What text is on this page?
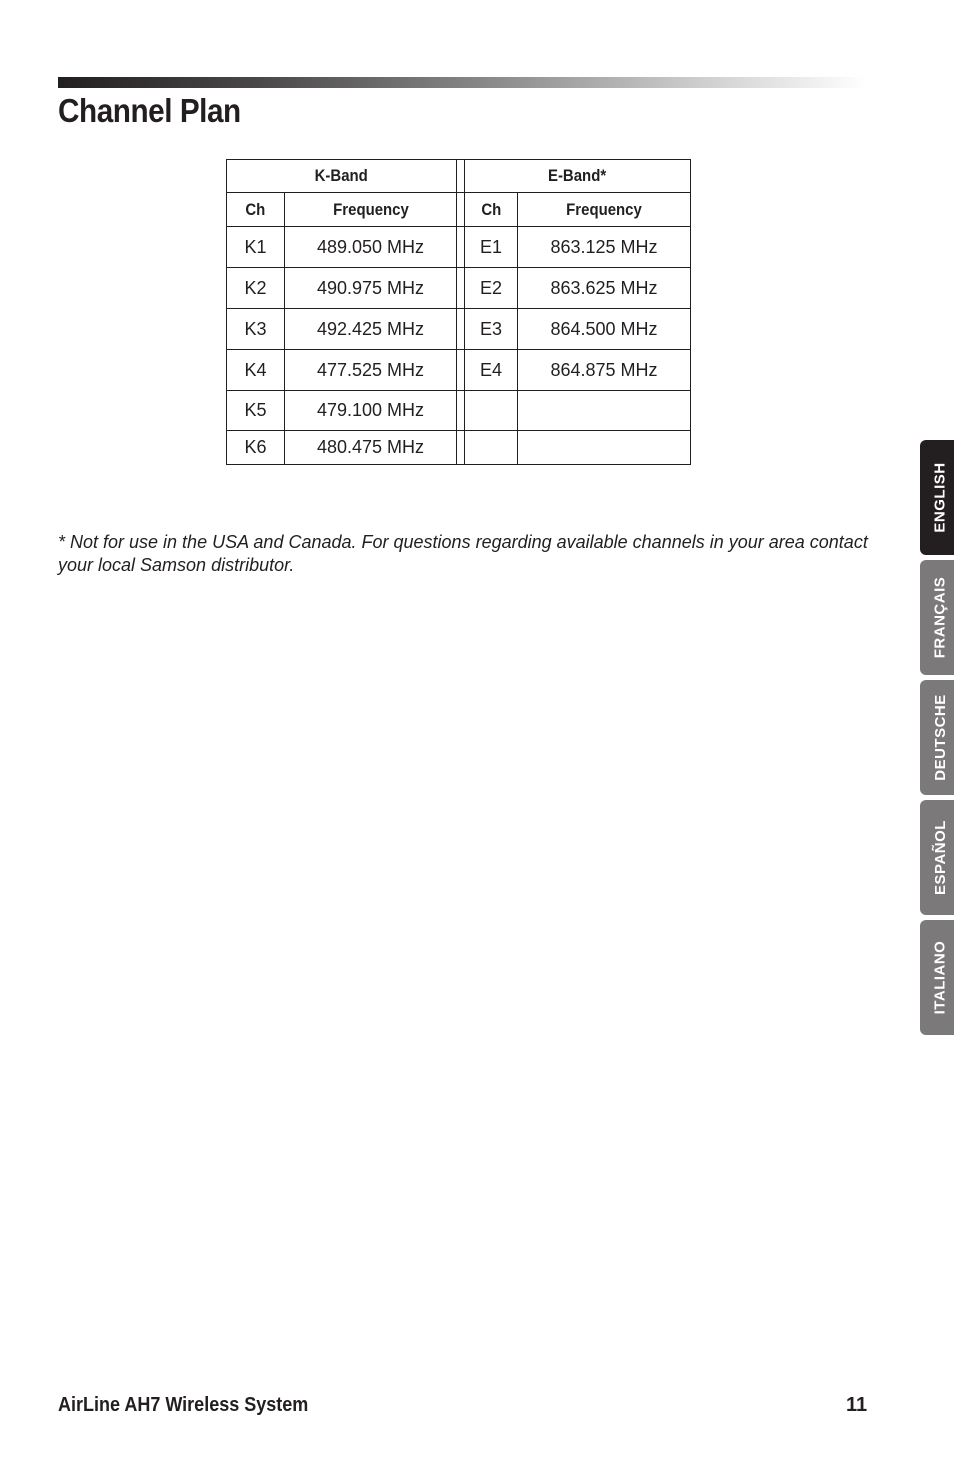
Channel Plan
K-Band			E-Band*	
Ch	Frequency		Ch	Frequency
K1	489.050 MHz		E1	863.125 MHz
K2	490.975 MHz		E2	863.625 MHz
K3	492.425 MHz		E3	864.500 MHz
K4	477.525 MHz		E4	864.875 MHz
K5	479.100 MHz			
K6	480.475 MHz			

* Not for use in the USA and Canada. For questions regarding available channels in your area contact your local Samson distributor.

ENGLISH
FRANÇAIS
DEUTSCHE
ESPAÑOL
ITALIANO
AirLine AH7 Wireless System	11
